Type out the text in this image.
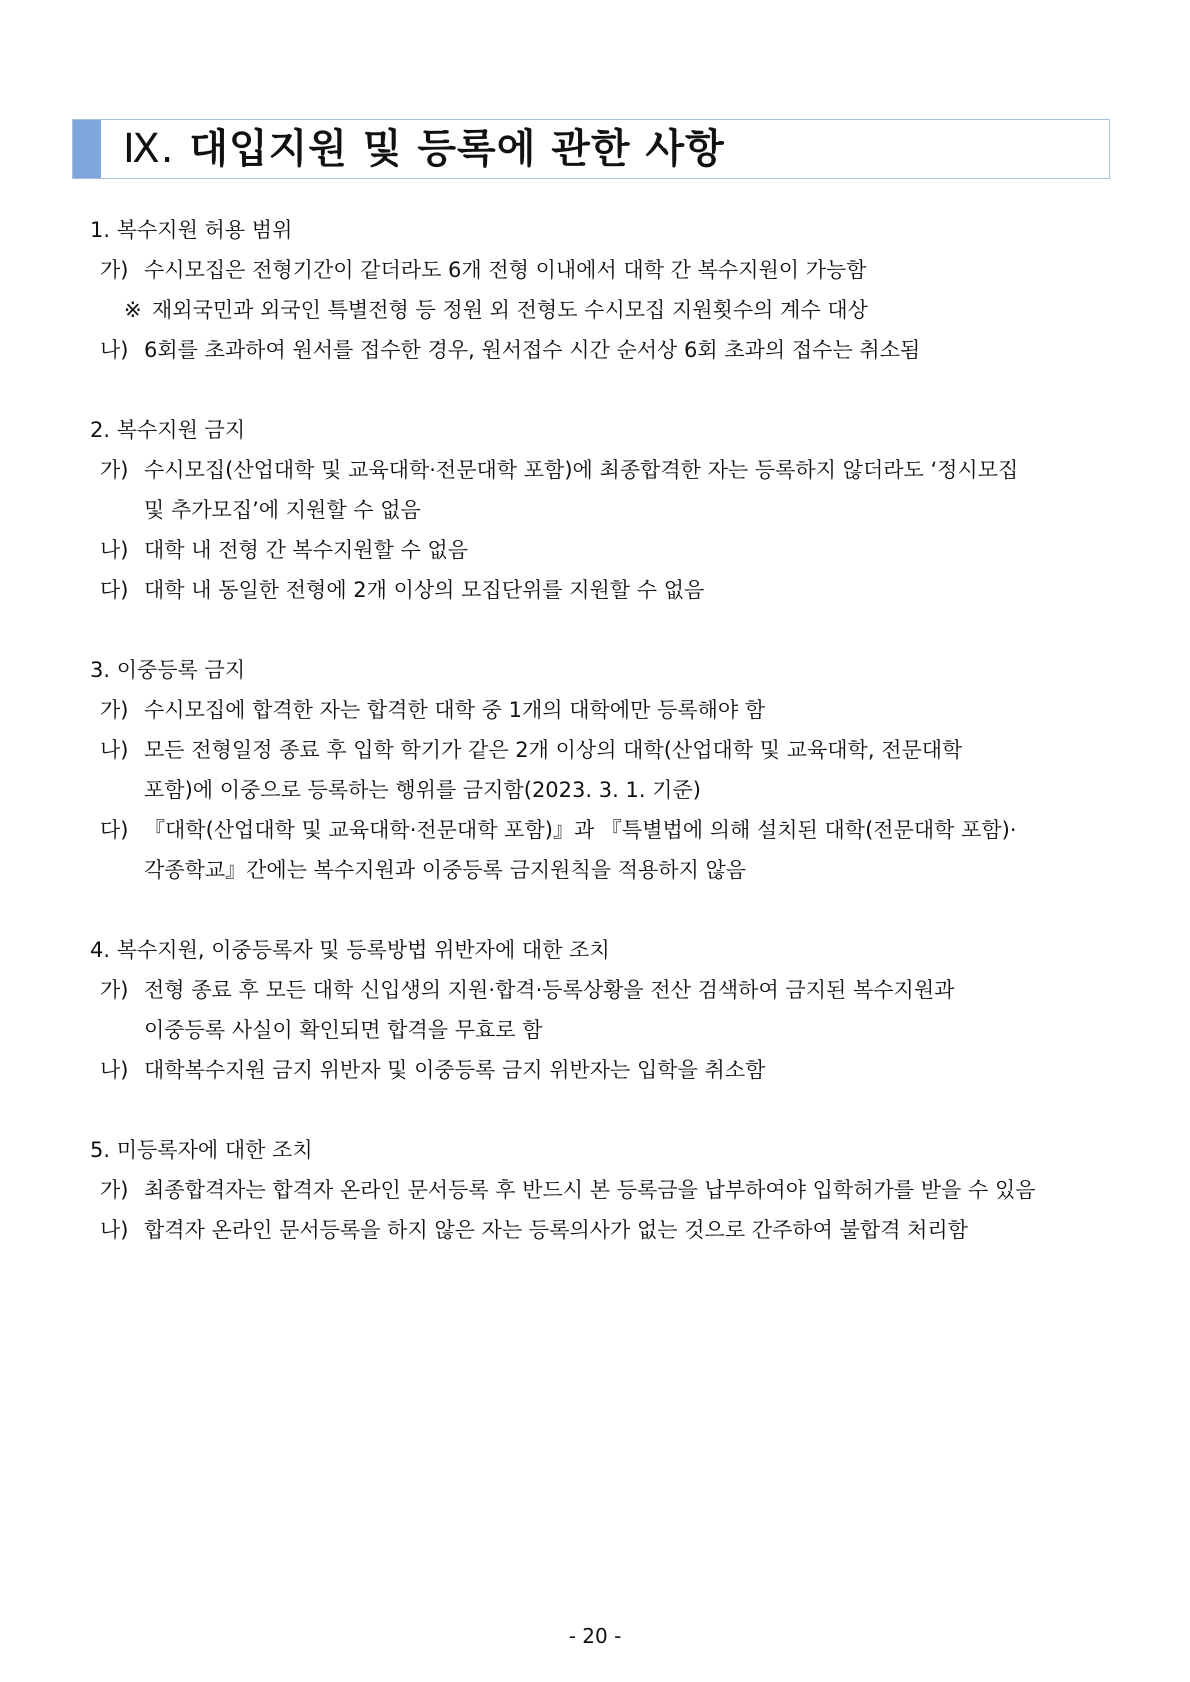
Ⅸ. 대입지원 및 등록에 관한 사항
1. 복수지원 허용 범위
가) 수시모집은 전형기간이 같더라도 6개 전형 이내에서 대학 간 복수지원이 가능함
※ 재외국민과 외국인 특별전형 등 정원 외 전형도 수시모집 지원횟수의 계수 대상
나) 6회를 초과하여 원서를 접수한 경우, 원서접수 시간 순서상 6회 초과의 접수는 취소됨
2. 복수지원 금지
가) 수시모집(산업대학 및 교육대학·전문대학 포함)에 최종합격한 자는 등록하지 않더라도 ‘정시모집
및 추가모집’에 지원할 수 없음
나) 대학 내 전형 간 복수지원할 수 없음
다) 대학 내 동일한 전형에 2개 이상의 모집단위를 지원할 수 없음
3. 이중등록 금지
가) 수시모집에 합격한 자는 합격한 대학 중 1개의 대학에만 등록해야 함
나) 모든 전형일정 종료 후 입학 학기가 같은 2개 이상의 대학(산업대학 및 교육대학, 전문대학
포함)에 이중으로 등록하는 행위를 금지함(2023. 3. 1. 기준)
다) 『대학(산업대학 및 교육대학·전문대학 포함)』과 『특별법에 의해 설치된 대학(전문대학 포함)·
각종학교』간에는 복수지원과 이중등록 금지원칙을 적용하지 않음
4. 복수지원, 이중등록자 및 등록방법 위반자에 대한 조치
가) 전형 종료 후 모든 대학 신입생의 지원·합격·등록상황을 전산 검색하여 금지된 복수지원과
이중등록 사실이 확인되면 합격을 무효로 함
나) 대학복수지원 금지 위반자 및 이중등록 금지 위반자는 입학을 취소함
5. 미등록자에 대한 조치
가) 최종합격자는 합격자 온라인 문서등록 후 반드시 본 등록금을 납부하여야 입학허가를 받을 수 있음
나) 합격자 온라인 문서등록을 하지 않은 자는 등록의사가 없는 것으로 간주하여 불합격 처리함
- 20 -
